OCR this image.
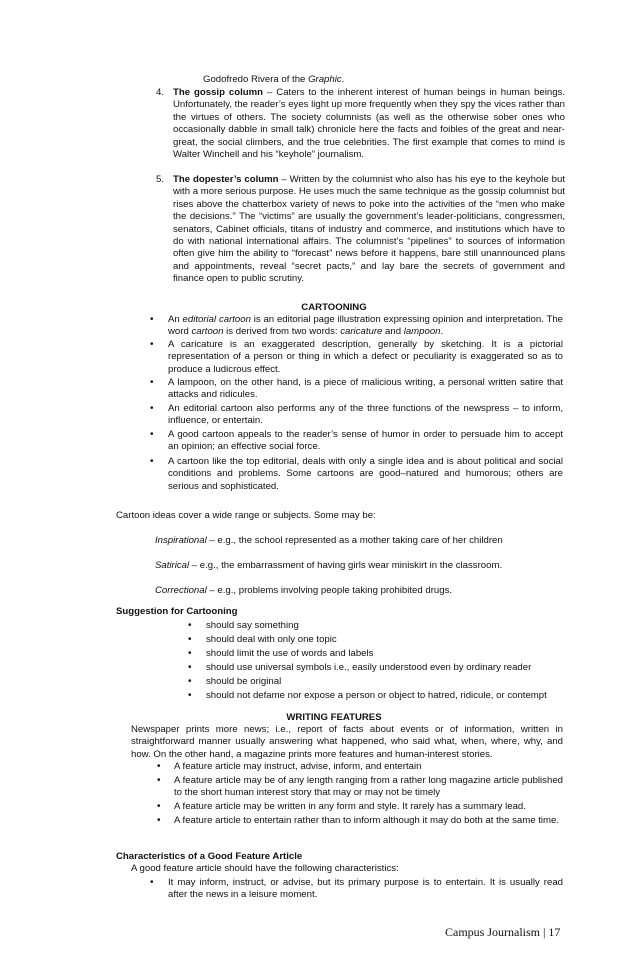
Godofredo Rivera of the Graphic.

4. The gossip column – Caters to the inherent interest of human beings in human beings. Unfortunately, the reader’s eyes light up more frequently when they spy the vices rather than the virtues of others. The society columnists (as well as the otherwise sober ones who occasionally dabble in small talk) chronicle here the facts and foibles of the great and near-great, the social climbers, and the true celebrities. The first example that comes to mind is Walter Winchell and his “keyhole” journalism.

5. The dopester’s column – Written by the columnist who also has his eye to the keyhole but with a more serious purpose. He uses much the same technique as the gossip columnist but rises above the chatterbox variety of news to poke into the activities of the “men who make the decisions.” The “victims” are usually the government’s leader-politicians, congressmen, senators, Cabinet officials, titans of industry and commerce, and institutions which have to do with national international affairs. The columnist’s “pipelines” to sources of information often give him the ability to “forecast” news before it happens, bare still unannounced plans and appointments, reveal “secret pacts,” and lay bare the secrets of government and finance open to public scrutiny.

CARTOONING

• An editorial cartoon is an editorial page illustration expressing opinion and interpretation. The word cartoon is derived from two words: caricature and lampoon.

• A caricature is an exaggerated description, generally by sketching. It is a pictorial representation of a person or thing in which a defect or peculiarity is exaggerated so as to produce a ludicrous effect.

• A lampoon, on the other hand, is a piece of malicious writing, a personal written satire that attacks and ridicules.

• An editorial cartoon also performs any of the three functions of the newspress – to inform, influence, or entertain.

• A good cartoon appeals to the reader’s sense of humor in order to persuade him to accept an opinion; an effective social force.

• A cartoon like the top editorial, deals with only a single idea and is about political and social conditions and problems. Some cartoons are good–natured and humorous; others are serious and sophisticated.

Cartoon ideas cover a wide range or subjects. Some may be:

Inspirational – e.g., the school represented as a mother taking care of her children

Satirical – e.g., the embarrassment of having girls wear miniskirt in the classroom.

Correctional – e.g., problems involving people taking prohibited drugs.

Suggestion for Cartooning

• should say something

• should deal with only one topic

• should limit the use of words and labels

• should use universal symbols i.e., easily understood even by ordinary reader

• should be original

• should not defame nor expose a person or object to hatred, ridicule, or contempt

WRITING FEATURES

Newspaper prints more news; i.e., report of facts about events or of information, written in straightforward manner usually answering what happened, who said what, when, where, why, and how. On the other hand, a magazine prints more features and human-interest stories.

• A feature article may instruct, advise, inform, and entertain

• A feature article may be of any length ranging from a rather long magazine article published to the short human interest story that may or may not be timely

• A feature article may be written in any form and style. It rarely has a summary lead.

• A feature article to entertain rather than to inform although it may do both at the same time.

Characteristics of a Good Feature Article

A good feature article should have the following characteristics:

• It may inform, instruct, or advise, but its primary purpose is to entertain. It is usually read after the news in a leisure moment.

Campus Journalism | 17
